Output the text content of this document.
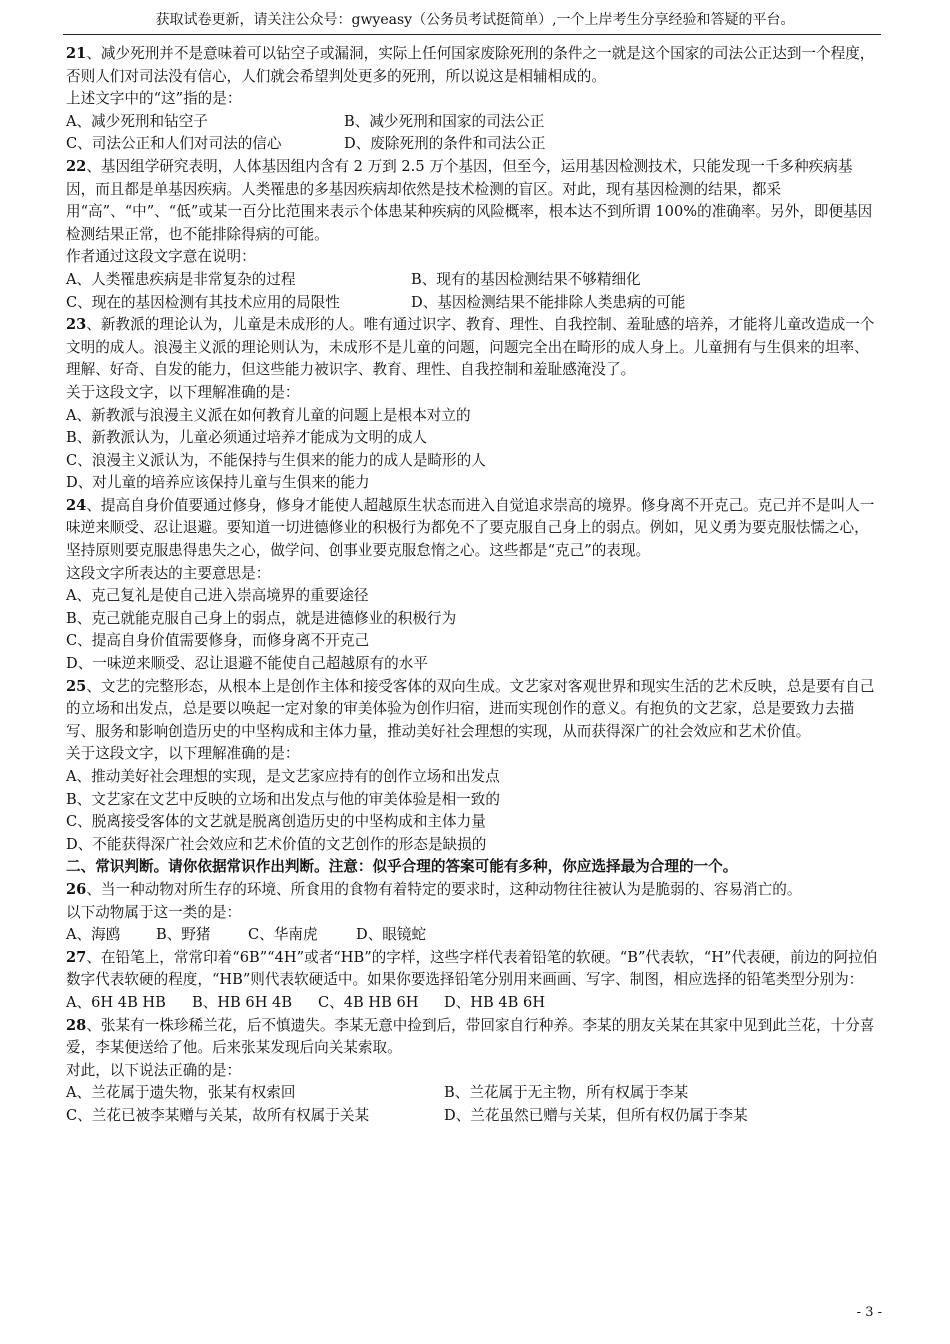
获取试卷更新，请关注公众号：gwyeasy（公务员考试挺简单）,一个上岸考生分享经验和答疑的平台。

21、减少死刑并不是意味着可以钻空子或漏洞，实际上任何国家废除死刑的条件之一就是这个国家的司法公正达到一个程度，否则人们对司法没有信心，人们就会希望判处更多的死刑，所以说这是相辅相成的。

上述文字中的“这”指的是：

A、减少死刑和钻空子	B、减少死刑和国家的司法公正
C、司法公正和人们对司法的信心	D、废除死刑的条件和司法公正

22、基因组学研究表明，人体基因组内含有 2 万到 2.5 万个基因，但至今，运用基因检测技术，只能发现一千多种疾病基因，而且都是单基因疾病。人类罹患的多基因疾病却依然是技术检测的盲区。对此，现有基因检测的结果，都采用“高”、“中”、“低”或某一百分比范围来表示个体患某种疾病的风险概率，根本达不到所谓 100%的准确率。另外，即便基因检测结果正常，也不能排除得病的可能。

作者通过这段文字意在说明：

A、人类罹患疾病是非常复杂的过程	B、现有的基因检测结果不够精细化
C、现在的基因检测有其技术应用的局限性	D、基因检测结果不能排除人类患病的可能

23、新教派的理论认为，儿童是未成形的人。唯有通过识字、教育、理性、自我控制、羞耻感的培养，才能将儿童改造成一个文明的成人。浪漫主义派的理论则认为，未成形不是儿童的问题，问题完全出在畸形的成人身上。儿童拥有与生俱来的坦率、理解、好奇、自发的能力，但这些能力被识字、教育、理性、自我控制和羞耻感淹没了。

关于这段文字，以下理解准确的是：

A、新教派与浪漫主义派在如何教育儿童的问题上是根本对立的

B、新教派认为，儿童必须通过培养才能成为文明的成人

C、浪漫主义派认为，不能保持与生俱来的能力的成人是畸形的人

D、对儿童的培养应该保持儿童与生俱来的能力

24、提高自身价值要通过修身，修身才能使人超越原生状态而进入自觉追求崇高的境界。修身离不开克己。克己并不是叫人一味逆来顺受、忍让退避。要知道一切进德修业的积极行为都免不了要克服自己身上的弱点。例如，见义勇为要克服怯懦之心，坚持原则要克服患得患失之心，做学问、创事业要克服怠惰之心。这些都是“克己”的表现。

这段文字所表达的主要意思是：

A、克己复礼是使自己进入崇高境界的重要途径

B、克己就能克服自己身上的弱点，就是进德修业的积极行为

C、提高自身价值需要修身，而修身离不开克己

D、一味逆来顺受、忍让退避不能使自己超越原有的水平

25、文艺的完整形态，从根本上是创作主体和接受客体的双向生成。文艺家对客观世界和现实生活的艺术反映，总是要有自己的立场和出发点，总是要以唤起一定对象的审美体验为创作归宿，进而实现创作的意义。有抱负的文艺家，总是要致力去描写、服务和影响创造历史的中坚构成和主体力量，推动美好社会理想的实现，从而获得深广的社会效应和艺术价值。

关于这段文字，以下理解准确的是：

A、推动美好社会理想的实现，是文艺家应持有的创作立场和出发点

B、文艺家在文艺中反映的立场和出发点与他的审美体验是相一致的

C、脱离接受客体的文艺就是脱离创造历史的中坚构成和主体力量

D、不能获得深广社会效应和艺术价值的文艺创作的形态是缺损的

二、常识判断。请你依据常识作出判断。注意：似乎合理的答案可能有多种，你应选择最为合理的一个。

26、当一种动物对所生存的环境、所食用的食物有着特定的要求时，这种动物往往被认为是脆弱的、容易消亡的。

以下动物属于这一类的是：

A、海鸥	B、野猪	C、华南虎	D、眼镜蛇

27、在铅笔上，常常印着“6B”“4H”或者“HB”的字样，这些字样代表着铅笔的软硬。“B”代表软，“H”代表硬，前边的阿拉伯数字代表软硬的程度，“HB”则代表软硬适中。如果你要选择铅笔分别用来画画、写字、制图，相应选择的铅笔类型分别为：

A、6H 4B HB	B、HB 6H 4B	C、4B HB 6H	D、HB 4B 6H

28、张某有一株珍稀兰花，后不慎遗失。李某无意中捡到后，带回家自行种养。李某的朋友关某在其家中见到此兰花，十分喜爱，李某便送给了他。后来张某发现后向关某索取。

对此，以下说法正确的是：

A、兰花属于遗失物，张某有权索回	B、兰花属于无主物，所有权属于李某
C、兰花已被李某赠与关某，故所有权属于关某	D、兰花虽然已赠与关某，但所有权仍属于李某
- 3 -
